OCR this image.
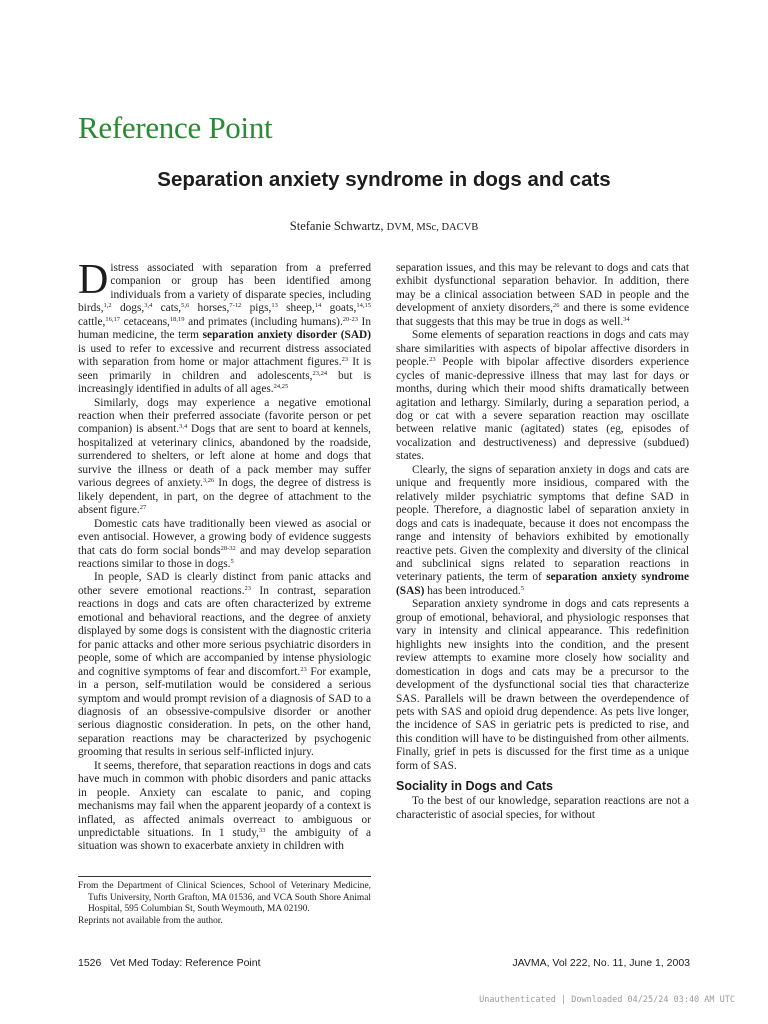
Reference Point
Separation anxiety syndrome in dogs and cats
Stefanie Schwartz, DVM, MSc, DACVB

Distress associated with separation from a preferred companion or group has been identified among individuals from a variety of disparate species, including birds,$^{1,2}$ dogs,$^{3,4}$ cats,$^{5,6}$ horses,$^{7-12}$ pigs,$^{13}$ sheep,$^{14}$ goats,$^{14,15}$ cattle,$^{16,17}$ cetaceans,$^{18,19}$ and primates (including humans).$^{20-23}$ In human medicine, the term separation anxiety disorder (SAD) is used to refer to excessive and recurrent distress associated with separation from home or major attachment figures.$^{23}$ It is seen primarily in children and adolescents,$^{23,24}$ but is increasingly identified in adults of all ages.$^{24,25}$

Similarly, dogs may experience a negative emotional reaction when their preferred associate (favorite person or pet companion) is absent.$^{3,4}$ Dogs that are sent to board at kennels, hospitalized at veterinary clinics, abandoned by the roadside, surrendered to shelters, or left alone at home and dogs that survive the illness or death of a pack member may suffer various degrees of anxiety.$^{3,26}$ In dogs, the degree of distress is likely dependent, in part, on the degree of attachment to the absent figure.$^{27}$

Domestic cats have traditionally been viewed as asocial or even antisocial. However, a growing body of evidence suggests that cats do form social bonds$^{28-32}$ and may develop separation reactions similar to those in dogs.$^5$

In people, SAD is clearly distinct from panic attacks and other severe emotional reactions.$^{23}$ In contrast, separation reactions in dogs and cats are often characterized by extreme emotional and behavioral reactions, and the degree of anxiety displayed by some dogs is consistent with the diagnostic criteria for panic attacks and other more serious psychiatric disorders in people, some of which are accompanied by intense physiologic and cognitive symptoms of fear and discomfort.$^{23}$ For example, in a person, self-mutilation would be considered a serious symptom and would prompt revision of a diagnosis of SAD to a diagnosis of an obsessive-compulsive disorder or another serious diagnostic consideration. In pets, on the other hand, separation reactions may be characterized by psychogenic grooming that results in serious self-inflicted injury.

It seems, therefore, that separation reactions in dogs and cats have much in common with phobic disorders and panic attacks in people. Anxiety can escalate to panic, and coping mechanisms may fail when the apparent jeopardy of a context is inflated, as affected animals overreact to ambiguous or unpredictable situations. In 1 study,$^{33}$ the ambiguity of a situation was shown to exacerbate anxiety in children with

separation issues, and this may be relevant to dogs and cats that exhibit dysfunctional separation behavior. In addition, there may be a clinical association between SAD in people and the development of anxiety disorders,$^{26}$ and there is some evidence that suggests that this may be true in dogs as well.$^{34}$

Some elements of separation reactions in dogs and cats may share similarities with aspects of bipolar affective disorders in people.$^{23}$ People with bipolar affective disorders experience cycles of manic-depressive illness that may last for days or months, during which their mood shifts dramatically between agitation and lethargy. Similarly, during a separation period, a dog or cat with a severe separation reaction may oscillate between relative manic (agitated) states (eg, episodes of vocalization and destructiveness) and depressive (subdued) states.

Clearly, the signs of separation anxiety in dogs and cats are unique and frequently more insidious, compared with the relatively milder psychiatric symptoms that define SAD in people. Therefore, a diagnostic label of separation anxiety in dogs and cats is inadequate, because it does not encompass the range and intensity of behaviors exhibited by emotionally reactive pets. Given the complexity and diversity of the clinical and subclinical signs related to separation reactions in veterinary patients, the term of separation anxiety syndrome (SAS) has been introduced.$^5$

Separation anxiety syndrome in dogs and cats represents a group of emotional, behavioral, and physiologic responses that vary in intensity and clinical appearance. This redefinition highlights new insights into the condition, and the present review attempts to examine more closely how sociality and domestication in dogs and cats may be a precursor to the development of the dysfunctional social ties that characterize SAS. Parallels will be drawn between the overdependence of pets with SAS and opioid drug dependence. As pets live longer, the incidence of SAS in geriatric pets is predicted to rise, and this condition will have to be distinguished from other ailments. Finally, grief in pets is discussed for the first time as a unique form of SAS.

Sociality in Dogs and Cats

To the best of our knowledge, separation reactions are not a characteristic of asocial species, for without

From the Department of Clinical Sciences, School of Veterinary Medicine, Tufts University, North Grafton, MA 01536, and VCA South Shore Animal Hospital, 595 Columbian St, South Weymouth, MA 02190.

Reprints not available from the author.

1526   Vet Med Today: Reference Point	JAVMA, Vol 222, No. 11, June 1, 2003
Unauthenticated | Downloaded 04/25/24 03:40 AM UTC
